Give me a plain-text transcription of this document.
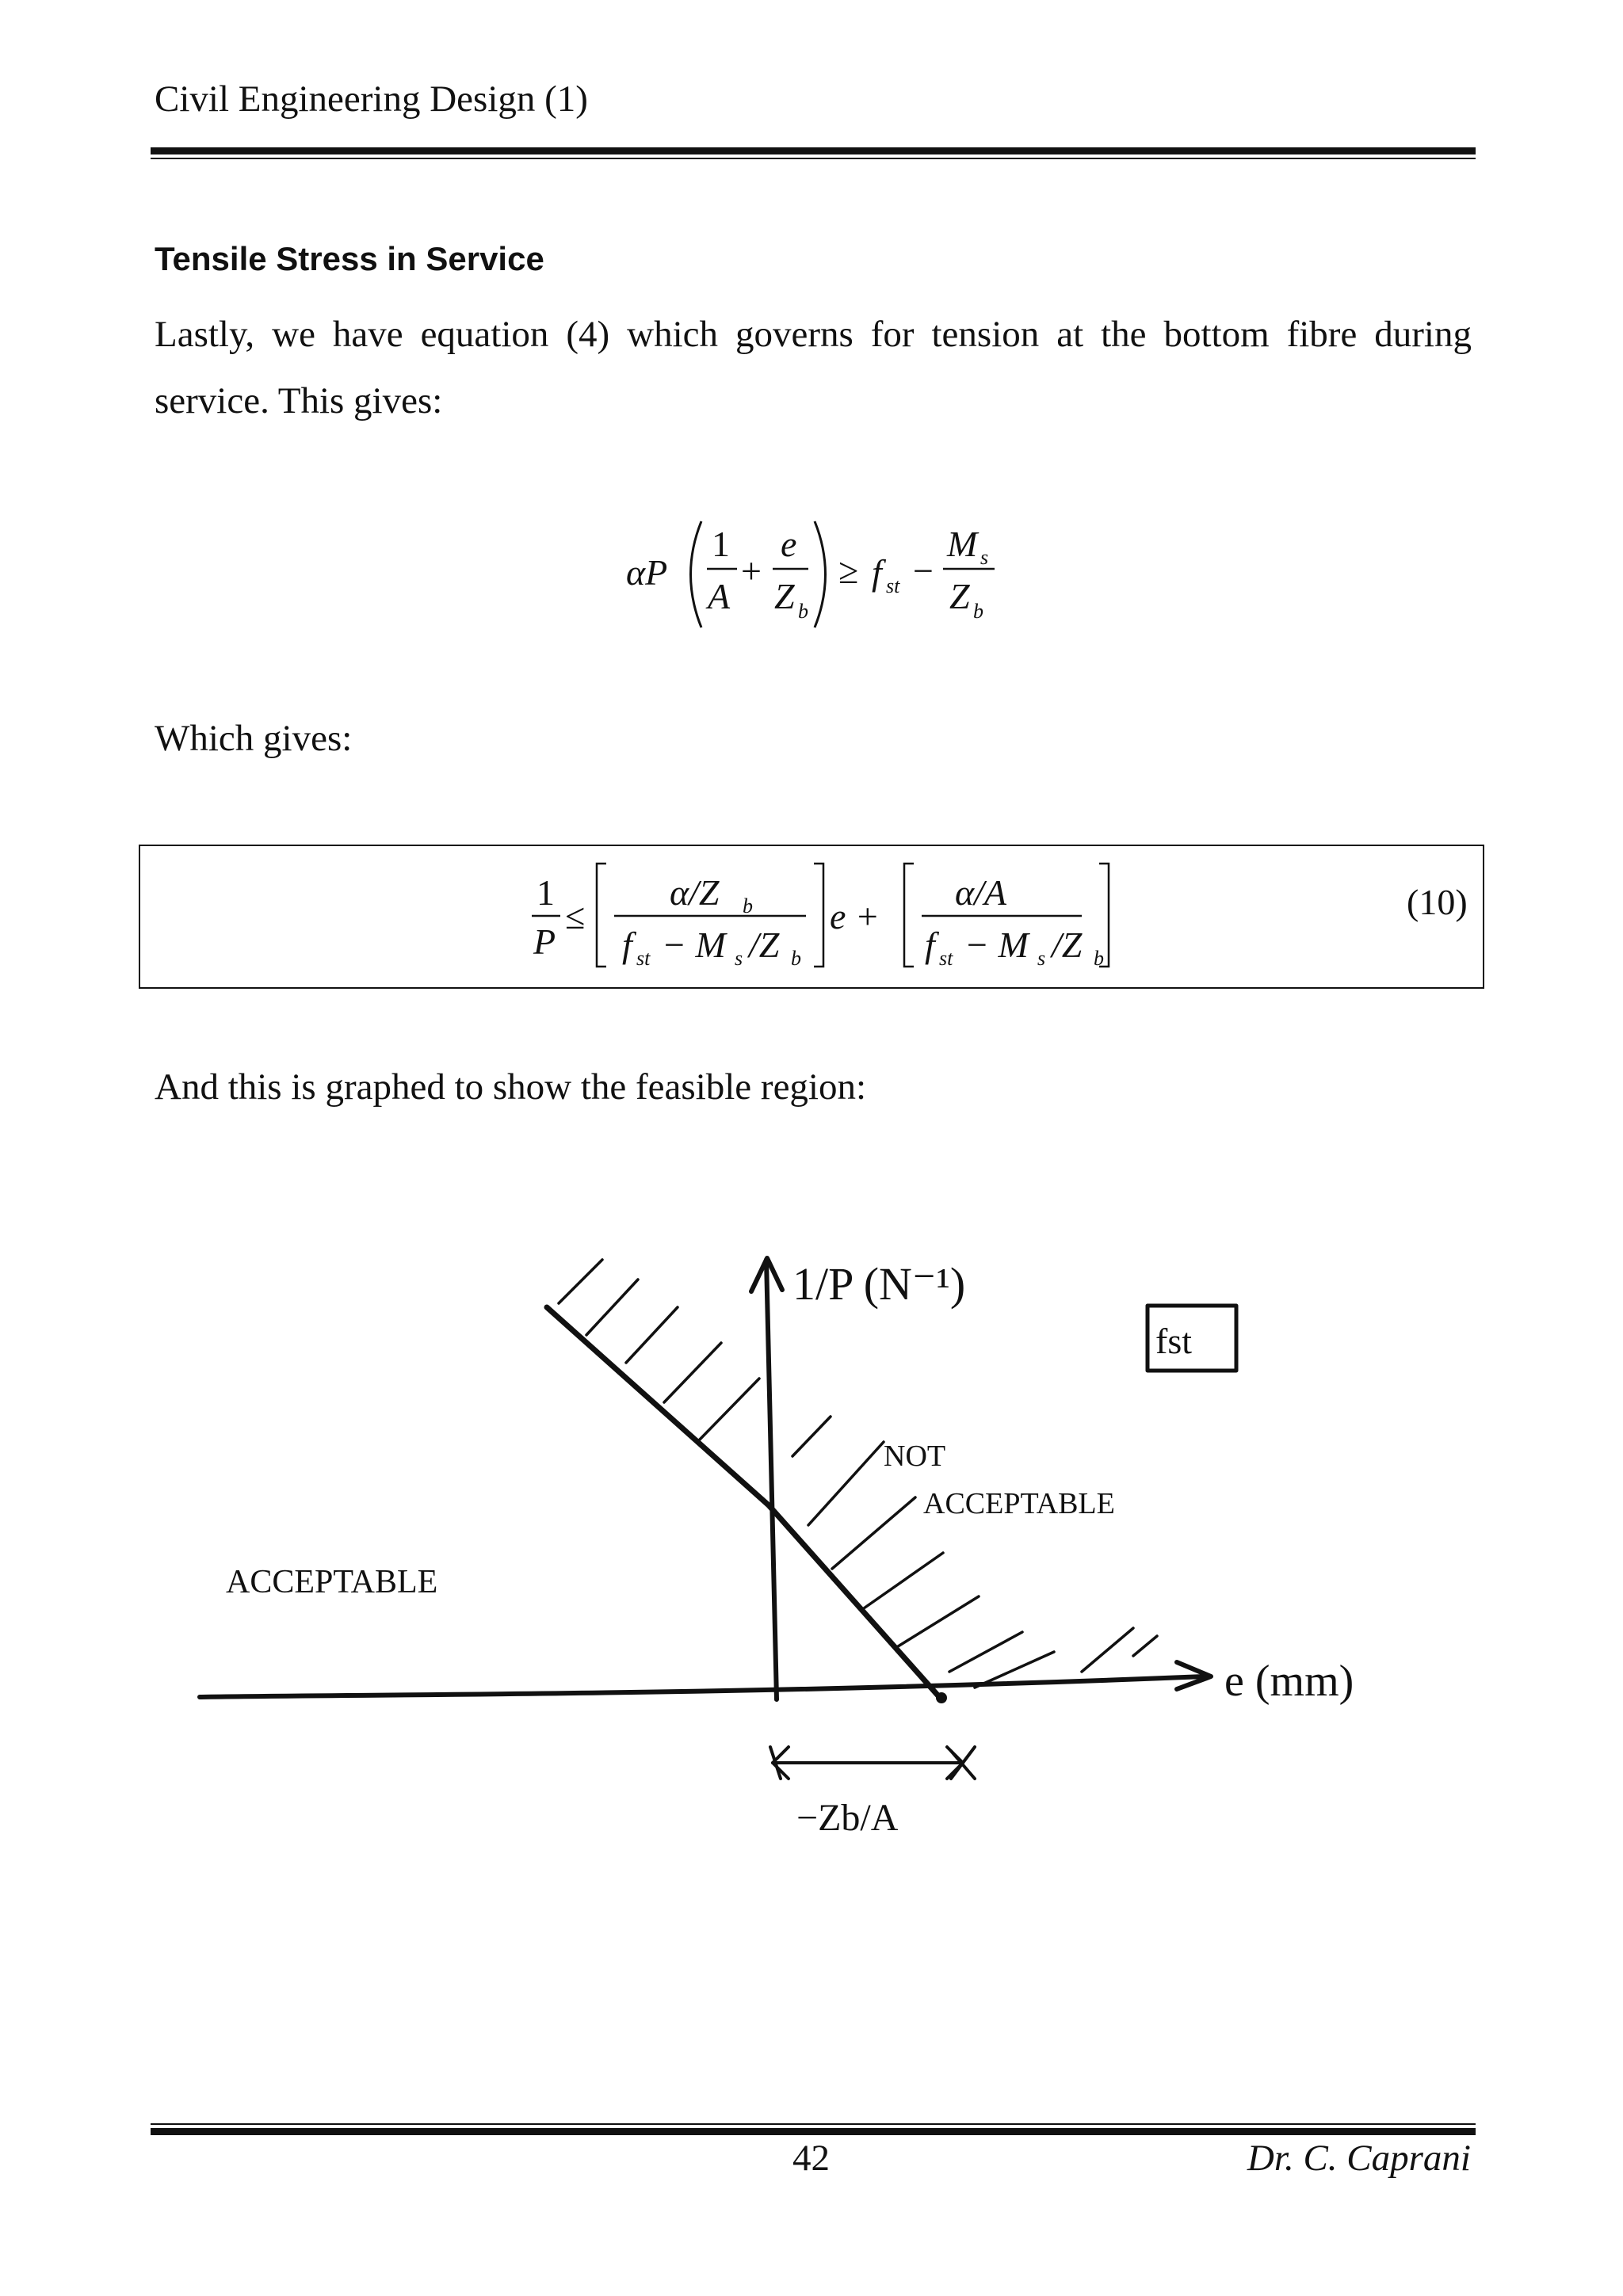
Civil Engineering Design (1)
Tensile Stress in Service
Lastly, we have equation (4) which governs for tension at the bottom fibre during service. This gives:
αP
1
A
+
e
Z b
≥ f st −
M s
Z b
Which gives:
1
P
≤
α/Z b
f st − M s /Z b
e +
α/A
f st − M s /Z b
(10)
And this is graphed to show the feasible region:
1/P (N⁻¹)
e (mm)
NOT
ACCEPTABLE
ACCEPTABLE
fst
−Zb/A
42	Dr. C. Caprani
